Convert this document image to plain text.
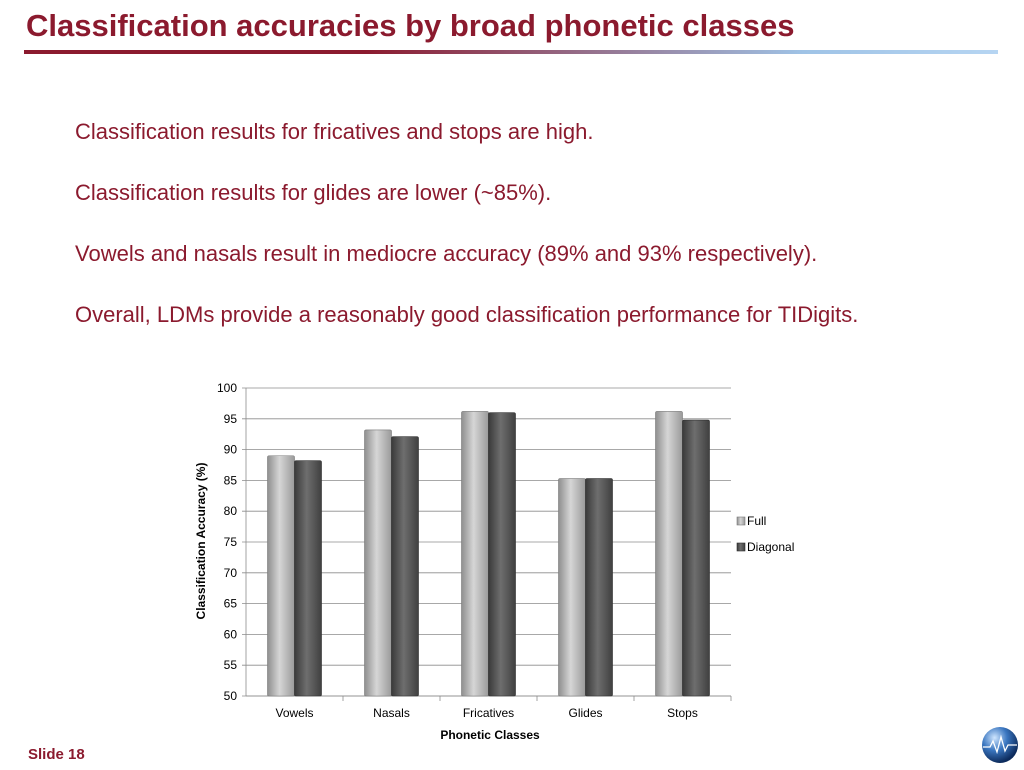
Classification accuracies by broad phonetic classes

Classification results for fricatives and stops are high.

Classification results for glides are lower (~85%).

Vowels and nasals result in mediocre accuracy (89% and 93% respectively).

Overall, LDMs provide a reasonably good classification performance for TIDigits.

50
55
60
65
70
75
80
85
90
95
100
Vowels	Nasals	Fricatives	Glides	Stops
Classification Accuracy (%)
Phonetic Classes
Full
Diagonal
Slide 18
